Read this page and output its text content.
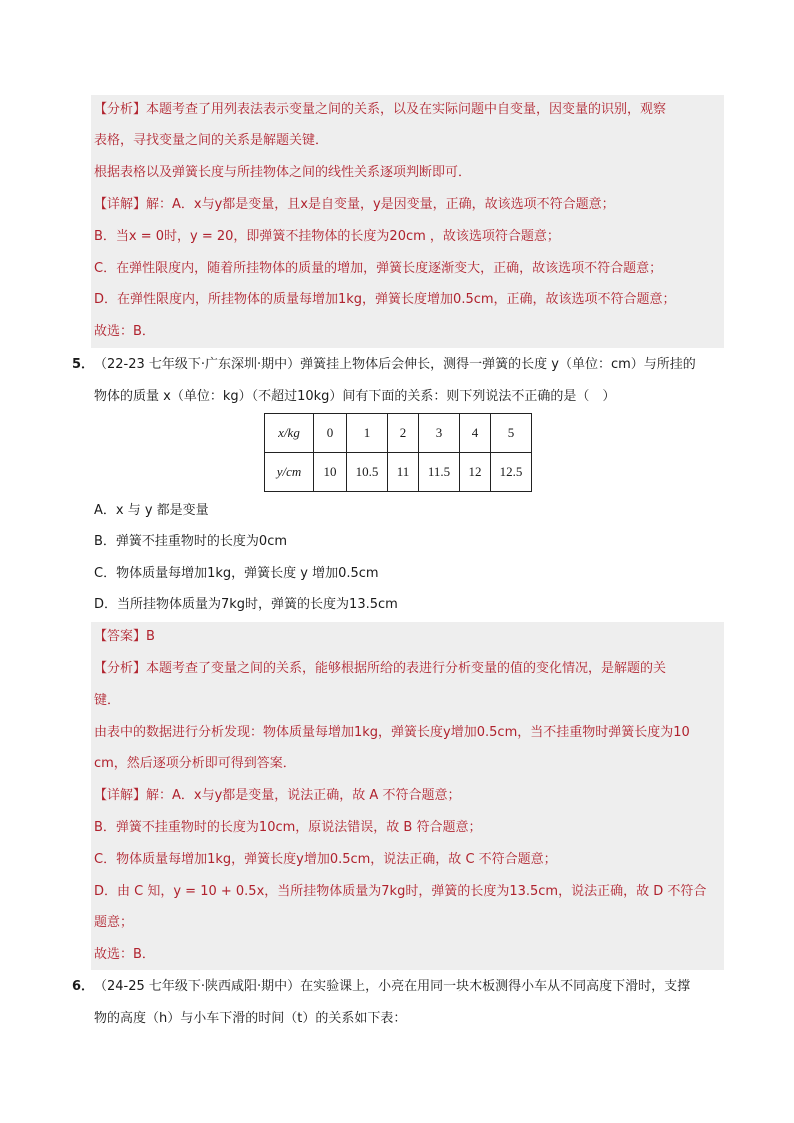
【分析】本题考查了用列表法表示变量之间的关系，以及在实际问题中自变量，因变量的识别，观察
表格，寻找变量之间的关系是解题关键．
根据表格以及弹簧长度与所挂物体之间的线性关系逐项判断即可．
【详解】解：A．x与y都是变量，且x是自变量，y是因变量，正确，故该选项不符合题意；
B．当x = 0时，y = 20，即弹簧不挂物体的长度为20cm ，故该选项符合题意；
C．在弹性限度内，随着所挂物体的质量的增加，弹簧长度逐渐变大，正确，故该选项不符合题意；
D．在弹性限度内，所挂物体的质量每增加1kg，弹簧长度增加0.5cm，正确，故该选项不符合题意；
故选：B．
5． （22-23 七年级下·广东深圳·期中）弹簧挂上物体后会伸长，测得一弹簧的长度 y（单位：cm）与所挂的
物体的质量 x（单位：kg）（不超过10kg）间有下面的关系：则下列说法不正确的是（　）
x/kg	0	1	2	3	4	5
y/cm	10	10.5	11	11.5	12	12.5
A．x 与 y 都是变量
B．弹簧不挂重物时的长度为0cm
C．物体质量每增加1kg，弹簧长度 y 增加0.5cm
D．当所挂物体质量为7kg时，弹簧的长度为13.5cm
【答案】B
【分析】本题考查了变量之间的关系，能够根据所给的表进行分析变量的值的变化情况，是解题的关
键．
由表中的数据进行分析发现：物体质量每增加1kg，弹簧长度y增加0.5cm，当不挂重物时弹簧长度为10
cm，然后逐项分析即可得到答案．
【详解】解：A．x与y都是变量，说法正确，故 A 不符合题意；
B．弹簧不挂重物时的长度为10cm，原说法错误，故 B 符合题意；
C．物体质量每增加1kg，弹簧长度y增加0.5cm，说法正确，故 C 不符合题意；
D．由 C 知，y = 10 + 0.5x，当所挂物体质量为7kg时，弹簧的长度为13.5cm，说法正确，故 D 不符合
题意；
故选：B．
6． （24-25 七年级下·陕西咸阳·期中）在实验课上，小亮在用同一块木板测得小车从不同高度下滑时，支撑
物的高度（h）与小车下滑的时间（t）的关系如下表：
